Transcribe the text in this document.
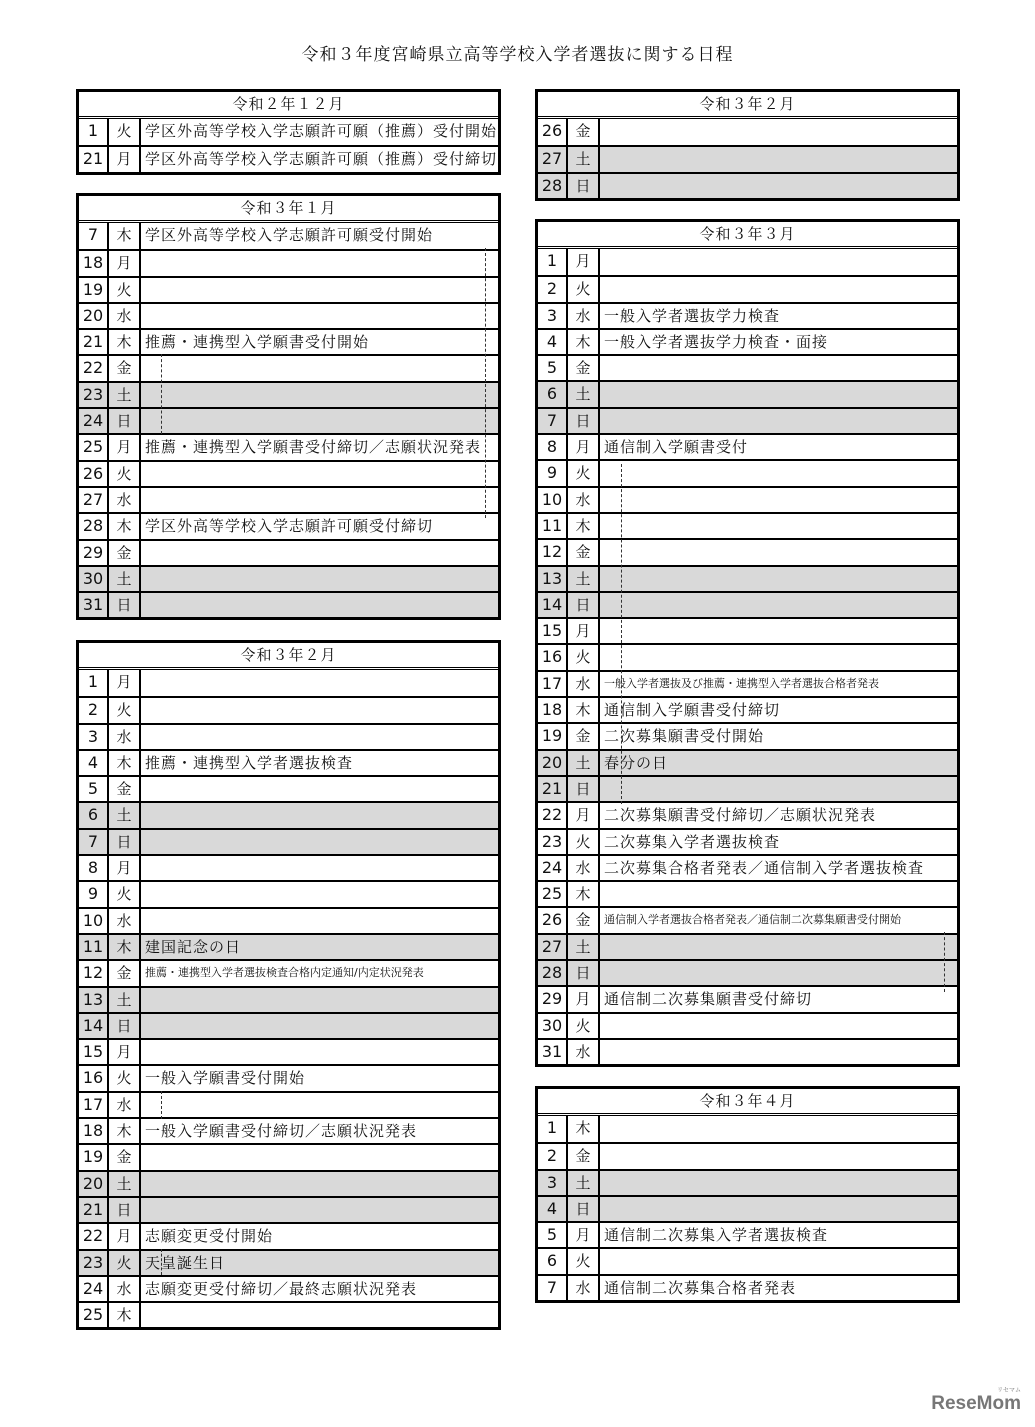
令和３年度宮崎県立高等学校入学者選抜に関する日程
令和２年１２月
1	火 学区外高等学校入学志願許可願（推薦）受付開始
21 月 学区外高等学校入学志願許可願（推薦）受付締切
令和３年１月
7	木 学区外高等学校入学志願許可願受付開始
18 月
19 火
20 水
21 木 推薦・連携型入学願書受付開始
22 金
23 土
24 日
25 月 推薦・連携型入学願書受付締切／志願状況発表
26 火
27 水
28 木 学区外高等学校入学志願許可願受付締切
29 金
30 土
31 日
令和３年２月
1	月
2	火
3	水
4	木 推薦・連携型入学者選抜検査
5	金
6	土
7	日
8	月
9	火
10 水
11 木 建国記念の日
12 金	推薦・連携型入学者選抜検査合格内定通知/内定状況発表
13 土
14 日
15 月
16 火 一般入学願書受付開始
17 水
18 木 一般入学願書受付締切／志願状況発表
19 金
20 土
21 日
22 月 志願変更受付開始
23 火 天皇誕生日
24 水 志願変更受付締切／最終志願状況発表
25 木
令和３年２月
26 金
27 土
28 日
令和３年３月
1	月
2	火
3	水 一般入学者選抜学力検査
4	木 一般入学者選抜学力検査・面接
5	金
6	土
7	日
8	月 通信制入学願書受付
9	火
10 水
11 木
12 金
13 土
14 日
15 月
16 火
17 水	一般入学者選抜及び推薦・連携型入学者選抜合格者発表
18 木 通信制入学願書受付締切
19 金 二次募集願書受付開始
20 土 春分の日
21 日
22 月 二次募集願書受付締切／志願状況発表
23 火 二次募集入学者選抜検査
24 水 二次募集合格者発表／通信制入学者選抜検査
25 木
26 金	通信制入学者選抜合格者発表／通信制二次募集願書受付開始
27 土
28 日
29 月 通信制二次募集願書受付締切
30 火
31 水
令和３年４月
1	木
2	金
3	土
4	日
5	月 通信制二次募集入学者選抜検査
6	火
7	水 通信制二次募集合格者発表
ReseMom
リセマム
